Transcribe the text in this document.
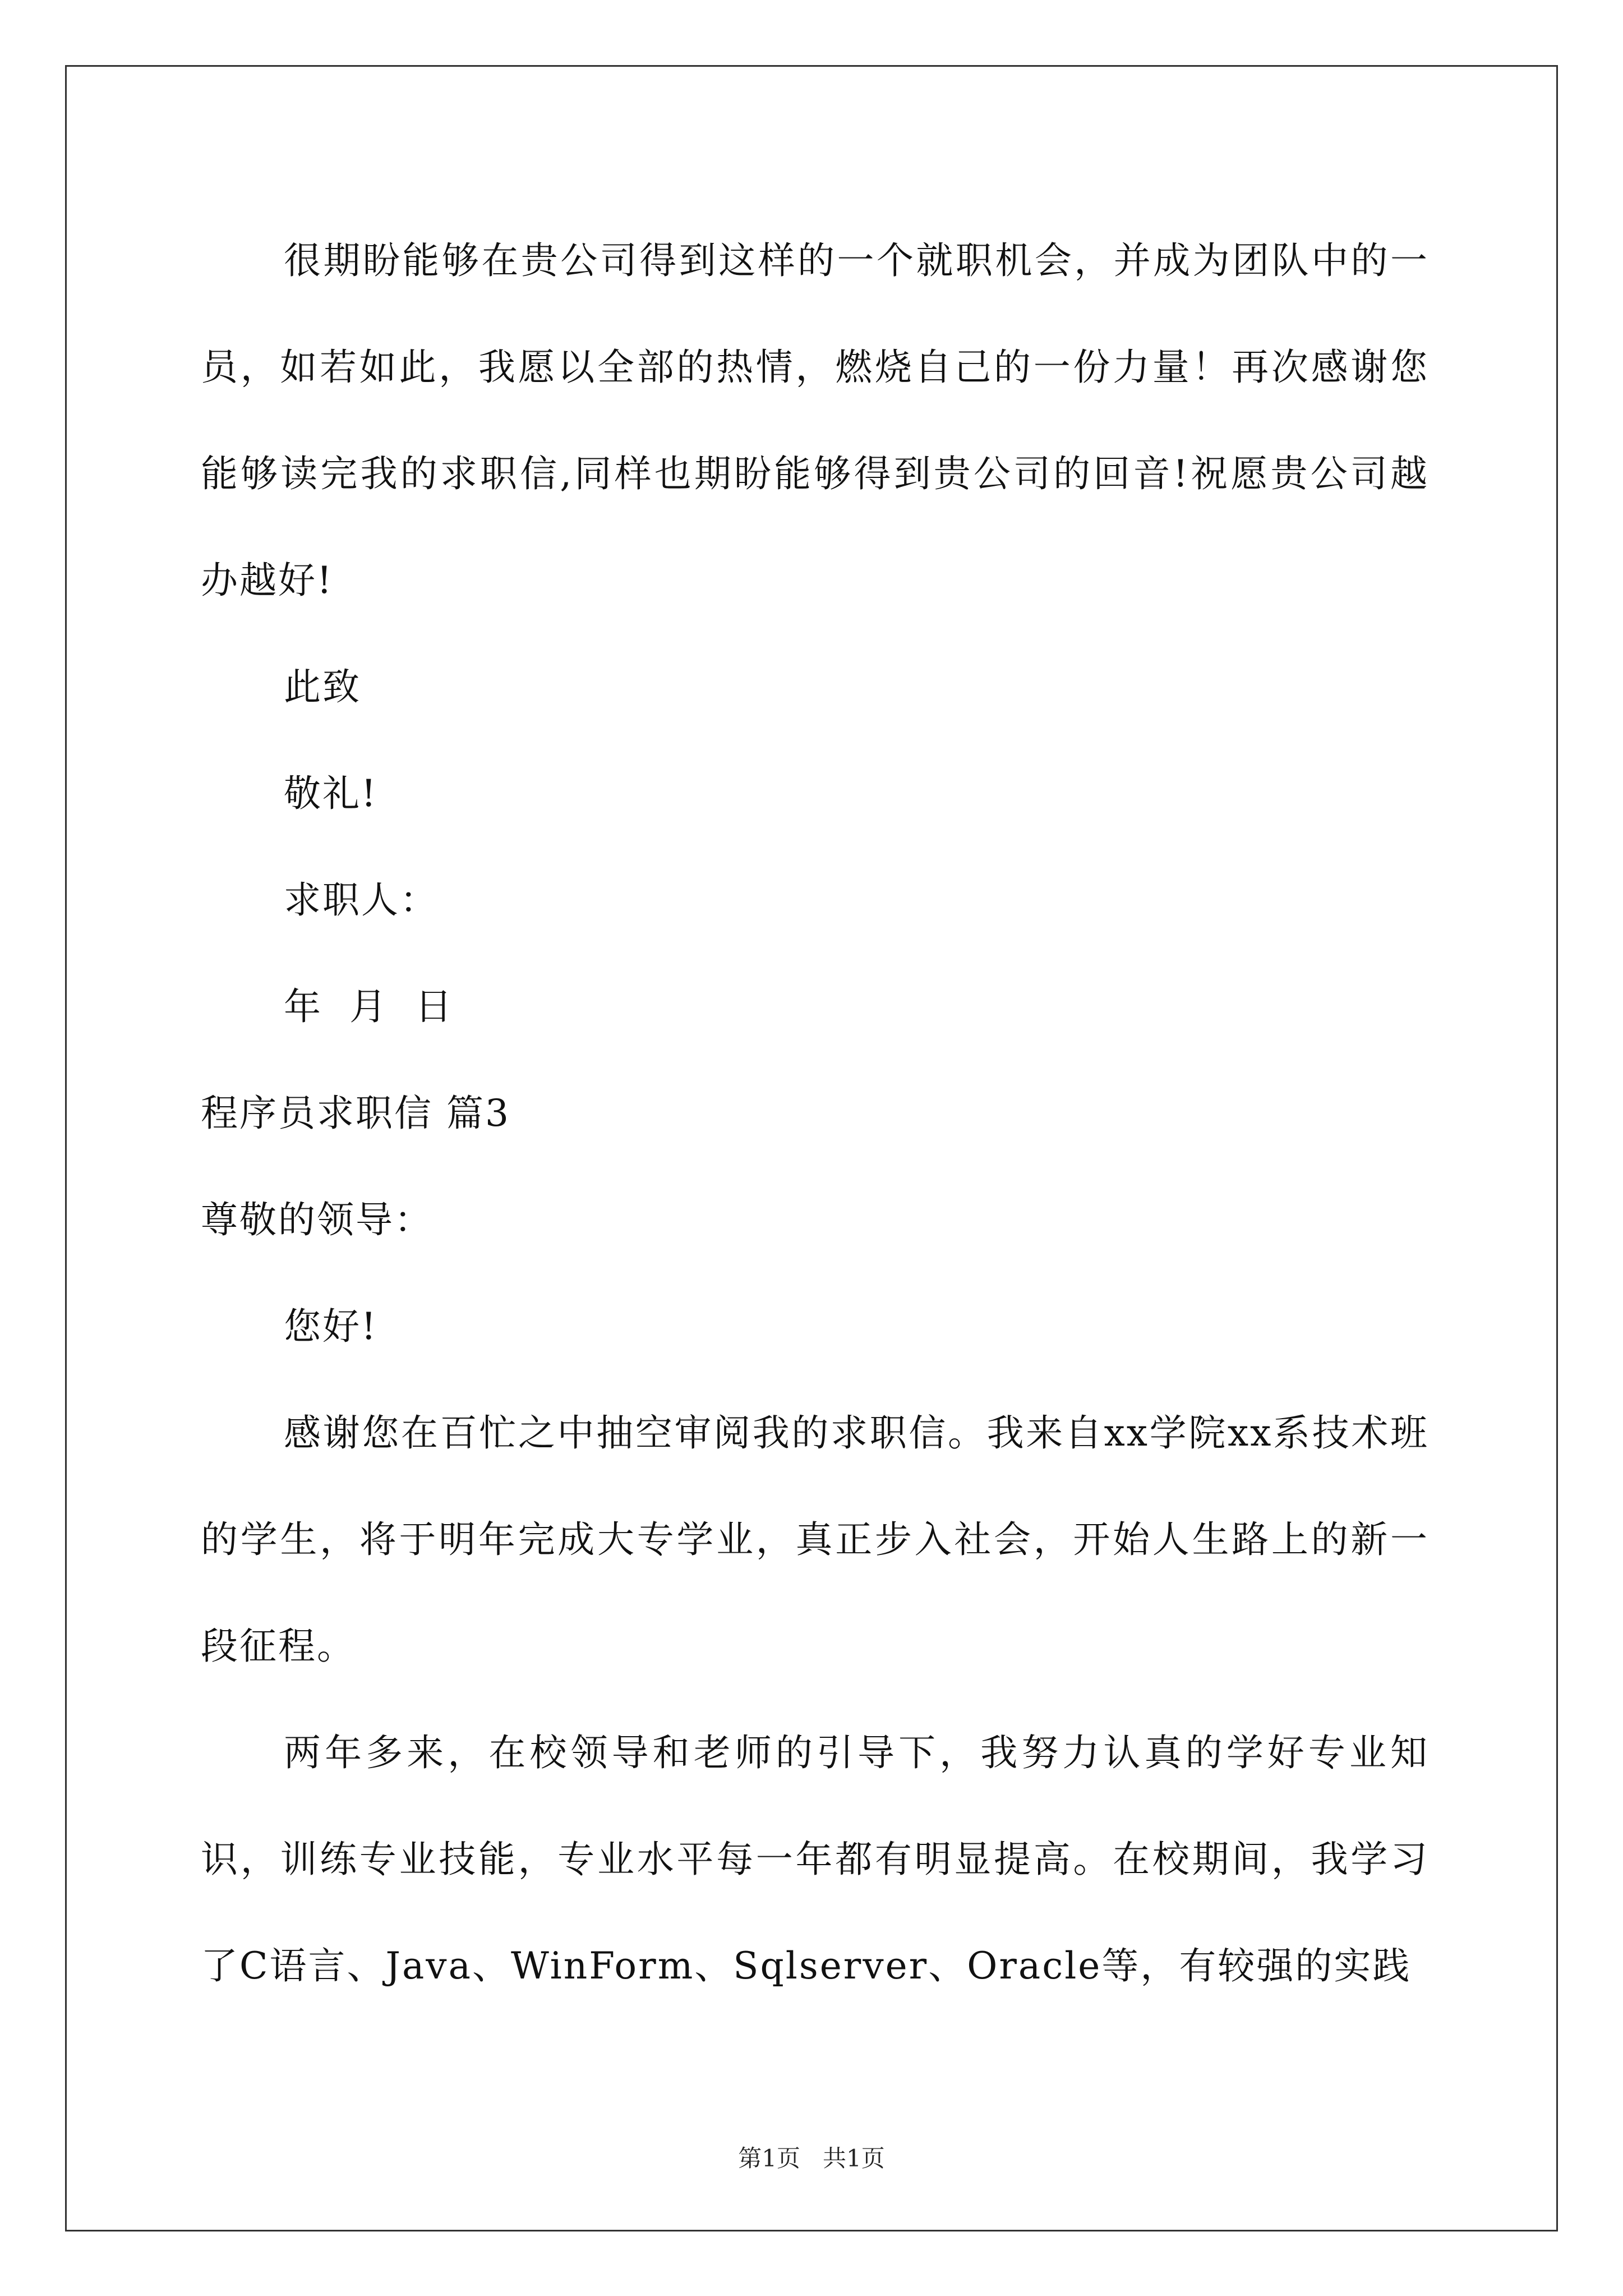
很期盼能够在贵公司得到这样的一个就职机会，并成为团队中的一员，如若如此，我愿以全部的热情，燃烧自己的一份力量！再次感谢您能够读完我的求职信,同样也期盼能够得到贵公司的回音!祝愿贵公司越办越好!

此致

敬礼!

求职人：

年  月  日

程序员求职信 篇3

尊敬的领导：

您好!

感谢您在百忙之中抽空审阅我的求职信。我来自xx学院xx系技术班的学生，将于明年完成大专学业，真正步入社会，开始人生路上的新一段征程。

两年多来，在校领导和老师的引导下，我努力认真的学好专业知识，训练专业技能，专业水平每一年都有明显提高。在校期间，我学习了C语言、Java、WinForm、Sqlserver、Oracle等，有较强的实践

第1页   共1页
